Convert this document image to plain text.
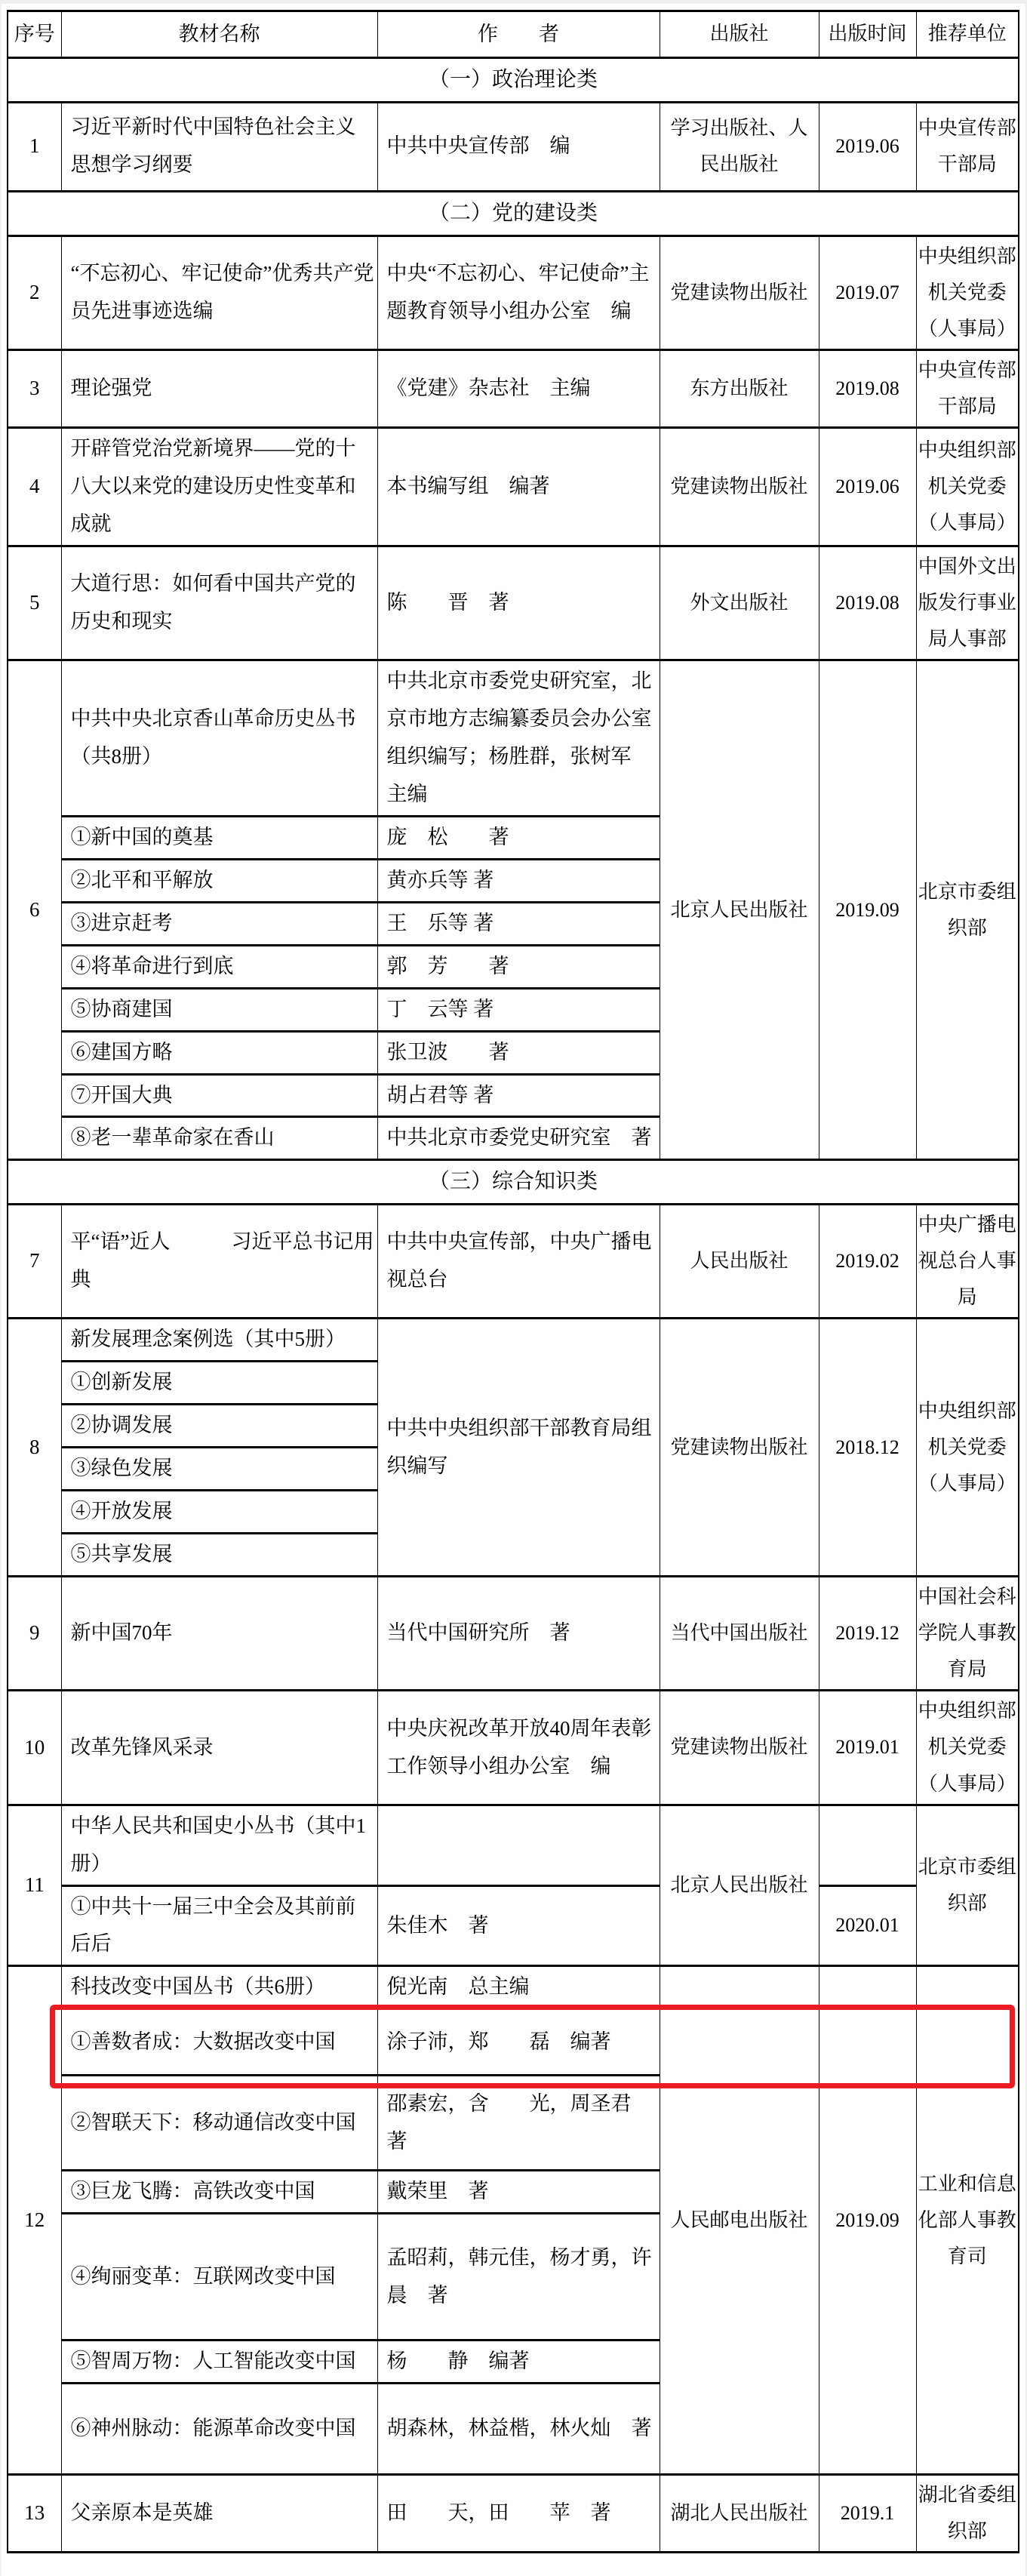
序号	教材名称	作　　者	出版社	出版时间	推荐单位
（一）政治理论类					
1	习近平新时代中国特色社会主义思想学习纲要	中共中央宣传部　编	学习出版社、人民出版社	2019.06	中央宣传部干部局
（二）党的建设类					
2	“不忘初心、牢记使命”优秀共产党员先进事迹选编	中央“不忘初心、牢记使命”主题教育领导小组办公室　编	党建读物出版社	2019.07	中央组织部机关党委（人事局）
3	理论强党	《党建》杂志社　主编	东方出版社	2019.08	中央宣传部干部局
4	开辟管党治党新境界——党的十八大以来党的建设历史性变革和成就	本书编写组　编著	党建读物出版社	2019.06	中央组织部机关党委（人事局）
5	大道行思：如何看中国共产党的历史和现实	陈　　晋　著	外文出版社	2019.08	中国外文出版发行事业局人事部
6	中共中央北京香山革命历史丛书（共8册）	中共北京市委党史研究室，北京市地方志编纂委员会办公室组织编写；杨胜群，张树军 主编	北京人民出版社	2019.09	北京市委组织部
	①新中国的奠基	庞　松　　著			
	②北平和平解放	黄亦兵等 著			
	③进京赶考	王　乐等 著			
	④将革命进行到底	郭　芳　　著			
	⑤协商建国	丁　云等 著			
	⑥建国方略	张卫波　　著			
	⑦开国大典	胡占君等 著			
	⑧老一辈革命家在香山	中共北京市委党史研究室　著			
（三）综合知识类					
7	平“语”近人　　　习近平总书记用典	中共中央宣传部，中央广播电视总台	人民出版社	2019.02	中央广播电视总台人事局
8	新发展理念案例选（其中5册）	中共中央组织部干部教育局组织编写	党建读物出版社	2018.12	中央组织部机关党委（人事局）
	①创新发展				
	②协调发展				
	③绿色发展				
	④开放发展				
	⑤共享发展				
9	新中国70年	当代中国研究所　著	当代中国出版社	2019.12	中国社会科学院人事教育局
10	改革先锋风采录	中央庆祝改革开放40周年表彰工作领导小组办公室　编	党建读物出版社	2019.01	中央组织部机关党委（人事局）
11	中华人民共和国史小丛书（其中1册）		北京人民出版社		北京市委组织部
	①中共十一届三中全会及其前前后后	朱佳木　著		2020.01	
12	科技改变中国丛书（共6册）	倪光南　总主编	人民邮电出版社	2019.09	工业和信息化部人事教育司
	①善数者成：大数据改变中国	涂子沛，郑　　磊　编著			
	②智联天下：移动通信改变中国	邵素宏，含　　光，周圣君 著			
	③巨龙飞腾：高铁改变中国	戴荣里　著			
	④绚丽变革：互联网改变中国	孟昭莉，韩元佳，杨才勇，许晨　著			
	⑤智周万物：人工智能改变中国	杨　　静　编著			
	⑥神州脉动：能源革命改变中国	胡森林，林益楷，林火灿　著			
13	父亲原本是英雄	田　　天，田　　苹　著	湖北人民出版社	2019.1	湖北省委组织部
